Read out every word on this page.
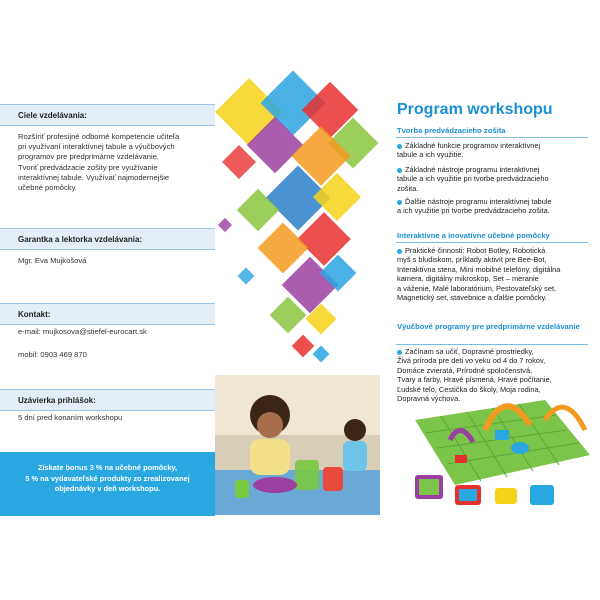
Ciele vzdelávania:
Rozšíriť profesijné odborné kompetencie učiteľa
pri využívaní interaktívnej tabule a výučbových
programov pre predprimárne vzdelávanie.
Tvoriť predvádzacie zošity pre využívanie
interaktívnej tabule. Využívať najmodernejšie
učebné pomôcky.
Garantka a lektorka vzdelávania:
Mgr. Eva Mujkošová
Kontakt:
e-mail: mujkosova@stiefel-eurocart.sk
mobil: 0903 469 870
Uzávierka prihlášok:
5 dní pred konaním workshopu
Získate bonus 3 % na učebné pomôcky,
5 % na vydavateľské produkty zo zrealizovanej
objednávky v deň workshopu.
Program workshopu
Tvorba predvádzacieho zošita
Základné funkcie programov interaktívnej
tabule a ich využitie.
Základné nástroje programu interaktívnej
tabule a ich využitie pri tvorbe predvádzacieho
zošita.
Ďalšie nástroje programu interaktívnej tabule
a ich využitie pri tvorbe predvádzacieho zošita.
Interaktívne a inovatívne učebné pomôcky
Praktické činnosti: Robot Botley, Robotická
myš s bludiskom, príklady aktivít pre Bee-Bot,
Interaktívna stena, Mini mobilné telefóny, digitálna
kamera, digitálny mikroskop, Set – meranie
a váženie, Malé laboratórium, Pestovateľský set,
Magnetický set, stavebnice a ďalšie pomôcky.
Výučbové programy pre predprimárne vzdelávanie
Začínam sa učiť, Dopravné prostriedky,
Živá príroda pre deti vo veku od 4 do 7 rokov,
Domáce zvieratá, Prírodné spoločenstvá,
Tvary a farby, Hravé písmená, Hravé počítanie,
Ľudské telo, Cestička do školy, Moja rodina,
Dopravná výchova.
